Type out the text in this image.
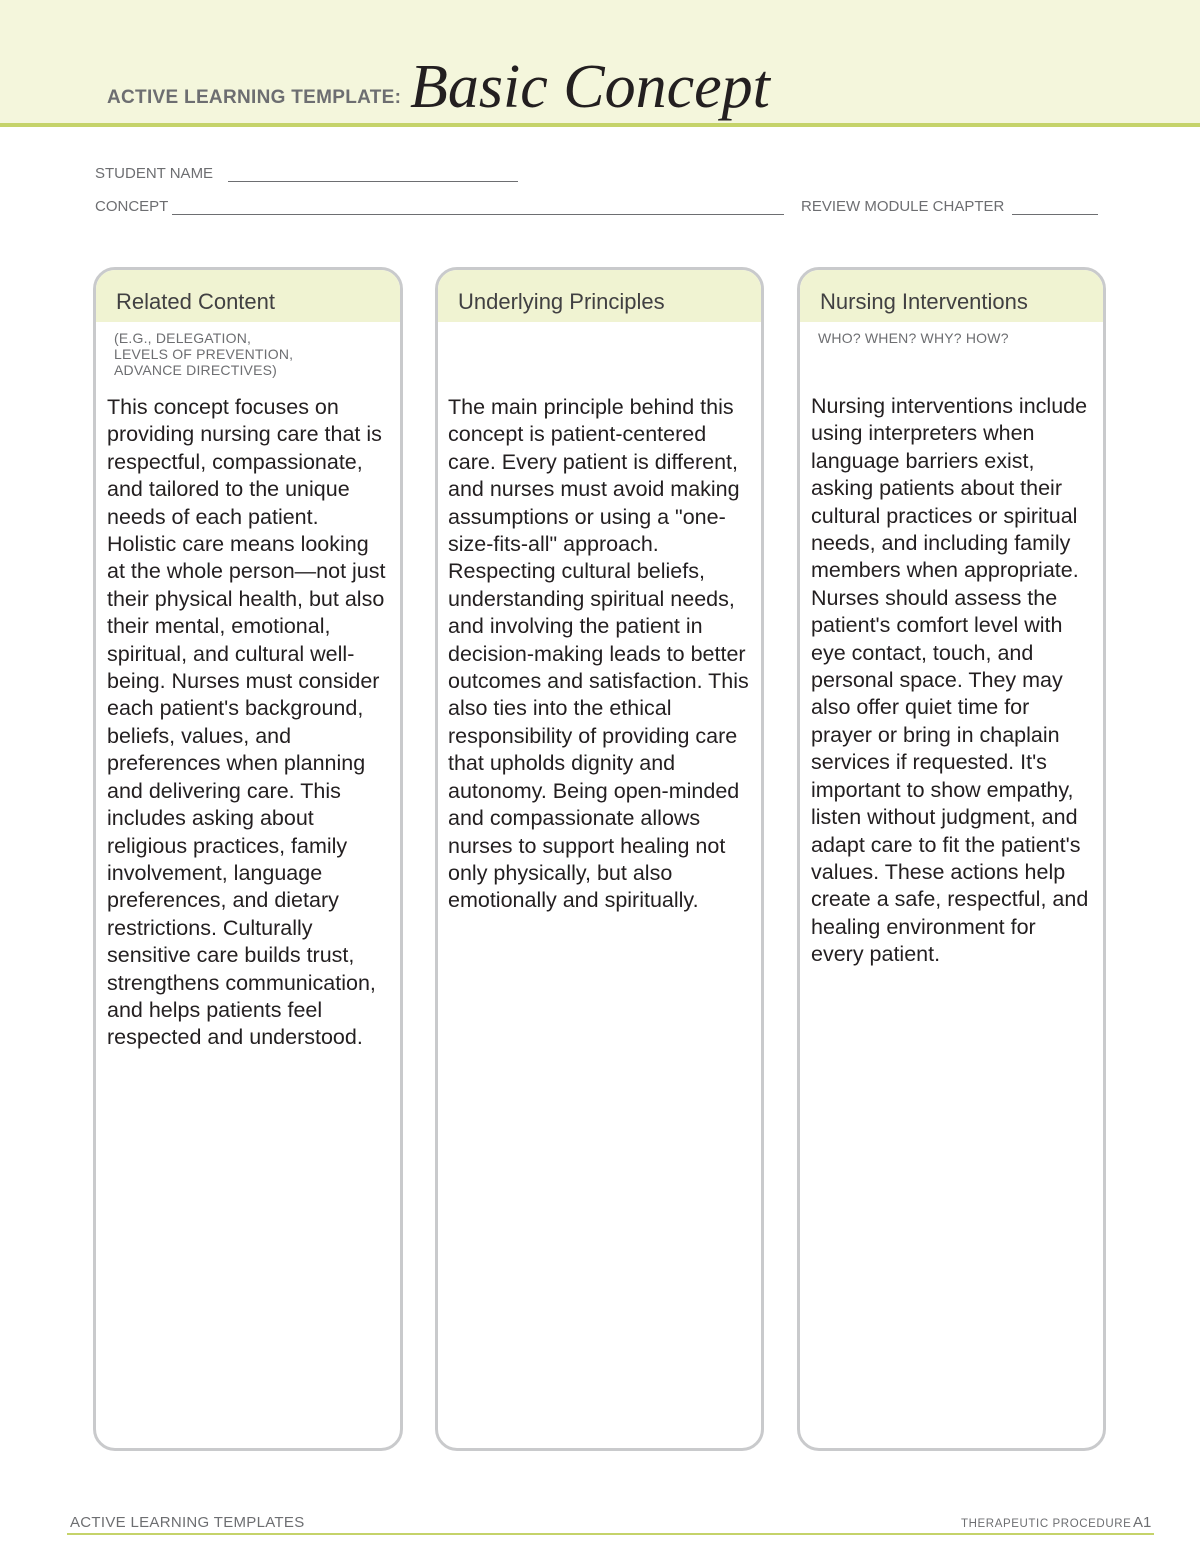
ACTIVE LEARNING TEMPLATE: Basic Concept
STUDENT NAME
CONCEPT	REVIEW MODULE CHAPTER
Related Content
(E.G., DELEGATION,
LEVELS OF PREVENTION,
ADVANCE DIRECTIVES)
This concept focuses on providing nursing care that is respectful, compassionate, and tailored to the unique needs of each patient. Holistic care means looking at the whole person—not just their physical health, but also their mental, emotional, spiritual, and cultural well-being. Nurses must consider each patient's background, beliefs, values, and preferences when planning and delivering care. This includes asking about religious practices, family involvement, language preferences, and dietary restrictions. Culturally sensitive care builds trust, strengthens communication, and helps patients feel respected and understood.
Underlying Principles
The main principle behind this concept is patient-centered care. Every patient is different, and nurses must avoid making assumptions or using a "one-size-fits-all" approach. Respecting cultural beliefs, understanding spiritual needs, and involving the patient in decision-making leads to better outcomes and satisfaction. This also ties into the ethical responsibility of providing care that upholds dignity and autonomy. Being open-minded and compassionate allows nurses to support healing not only physically, but also emotionally and spiritually.
Nursing Interventions
WHO? WHEN? WHY? HOW?
Nursing interventions include using interpreters when language barriers exist, asking patients about their cultural practices or spiritual needs, and including family members when appropriate. Nurses should assess the patient's comfort level with eye contact, touch, and personal space. They may also offer quiet time for prayer or bring in chaplain services if requested. It's important to show empathy, listen without judgment, and adapt care to fit the patient's values. These actions help create a safe, respectful, and healing environment for every patient.
ACTIVE LEARNING TEMPLATES	THERAPEUTIC PROCEDURE A1
